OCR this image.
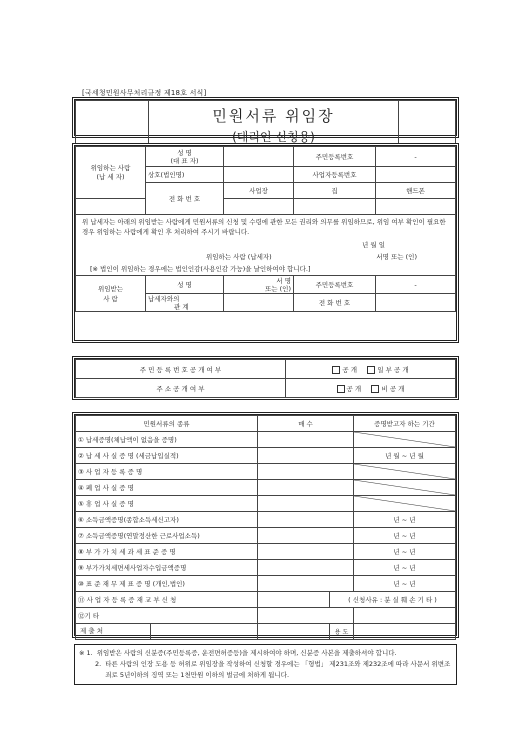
[국세청민원사무처리규정 제18호 서식]

민원서류 위임장
(대리인 신청용)

위임하는 사람
(납 세 자)	성 명
(대 표 자)		주민등록번호	-
	상호(법인명)		사업자등록번호	
	전 화 번 호	사업장	집	핸드폰

위 납세자는 아래의 위임받는 사람에게 민원서류의 신청 및 수령에 관한 모든 권리와 의무를 위임하므로, 위임 여부 확인이 필요한 경우 위임하는 사람에게 확인 후 처리하여 주시기 바랍니다.
년 월 일
위임하는 사람 (납세자) 서명 또는 (인)
[※ 법인이 위임하는 경우에는 법인인감(사용인감 가능)을 날인하여야 합니다.]				

위임받는
사 람	성 명	서 명
또는 (인)	주민등록번호	-
	납세자와의
관 계		전 화 번 호	
주 민 등 록 번 호 공 개 여 부	공 개 일 부 공 개
주 소 공 개 여 부	공 개 비 공 개
민원서류의 종류	매 수		증명받고자 하는 기간
① 납세증명(체납액이 없음을 증명)			
② 납 세 사 실 증 명 (세금납입실적)			년 월 ~ 년 월
③ 사 업 자 등 록 증 명			
④ 폐 업 사 실 증 명			
⑤ 휴 업 사 실 증 명			
⑥ 소득금액증명(종합소득세신고자)			년 ~ 년
⑦ 소득금액증명(연말정산한 근로사업소득)			년 ~ 년
⑧ 부 가 가 치 세 과 세 표 준 증 명			년 ~ 년
⑨ 부가가치세면세사업자수입금액증명			년 ~ 년
⑩ 표 준 재 무 제 표 증 명 (개인,법인)			년 ~ 년
⑪ 사 업 자 등 록 증 재 교 부 신 청		( 신청사유 : 분 실 훼 손 기 타 )	
⑫기 타			

제 출 처		용 도	
※ 1. 위임받은 사람의 신분증(주민등록증, 운전면허증등)을 제시하여야 하며, 신분증 사본을 제출하셔야 합니다.
2. 타른 사람의 인장 도용 등 허위로 위임장을 작성하여 신청할 경우에는 「형법」 제231조와 제232조에 따라 사문서 위변조죄로 5년이하의 징역 또는 1천만원 이하의 벌금에 처하게 됩니다.
